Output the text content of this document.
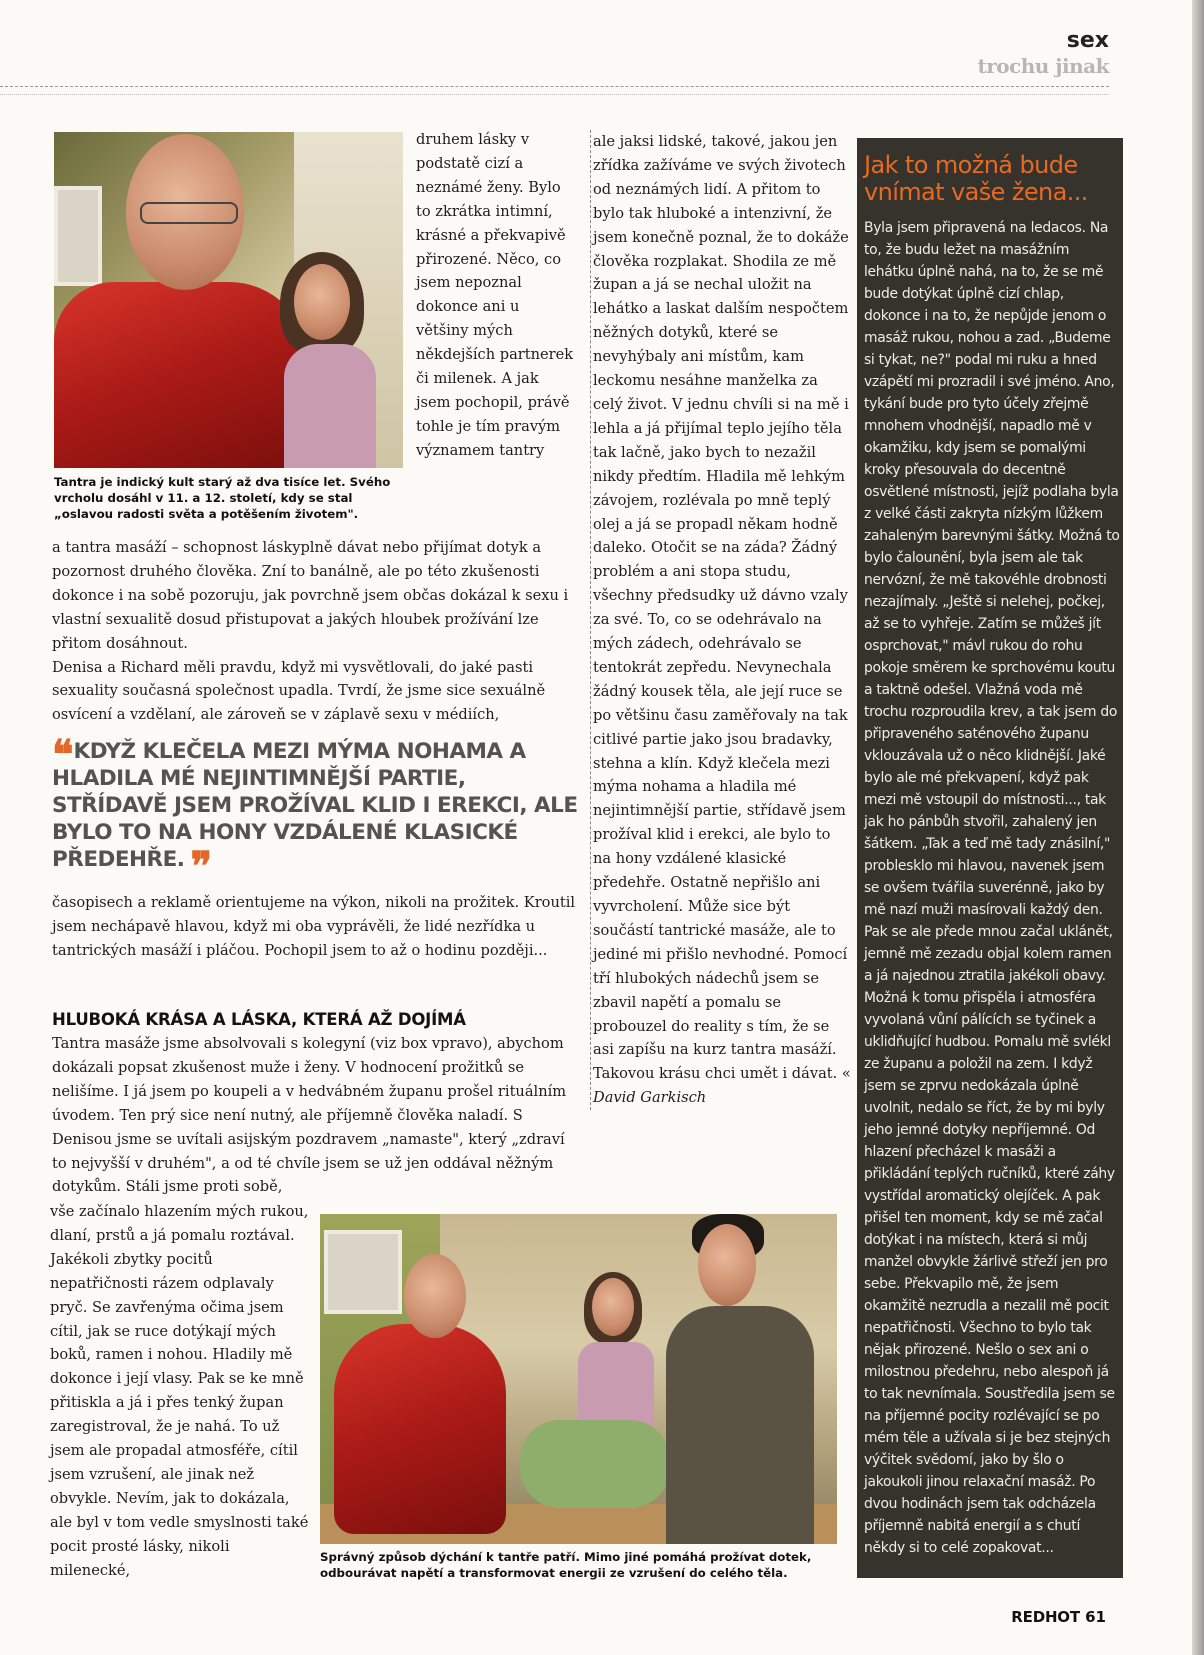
sex
trochu jinak
Tantra je indický kult starý až dva tisíce let. Svého vrcholu dosáhl v 11. a 12. století, kdy se stal „oslavou radosti světa a potěšením životem".

druhem lásky v podstatě cizí a neznámé ženy. Bylo to zkrátka intimní, krásné a překvapivě přirozené. Něco, co jsem nepoznal dokonce ani u většiny mých někdejších partnerek či milenek. A jak jsem pochopil, právě tohle je tím pravým významem tantry

a tantra masáží – schopnost láskyplně dávat nebo přijímat dotyk a pozornost druhého člověka. Zní to banálně, ale po této zkušenosti dokonce i na sobě pozoruju, jak povrchně jsem občas dokázal k sexu i vlastní sexualitě dosud přistupovat a jakých hloubek prožívání lze přitom dosáhnout.

Denisa a Richard měli pravdu, když mi vysvětlovali, do jaké pasti sexuality současná společnost upadla. Tvrdí, že jsme sice sexuálně osvícení a vzdělaní, ale zároveň se v záplavě sexu v médiích,

❝ KDYŽ KLEČELA MEZI MÝMA NOHAMA A HLADILA MÉ NEJINTIMNĚJŠÍ PARTIE, STŘÍDAVĚ JSEM PROŽÍVAL KLID I EREKCI, ALE BYLO TO NA HONY VZDÁLENÉ KLASICKÉ PŘEDEHŘE. ❞

časopisech a reklamě orientujeme na výkon, nikoli na prožitek. Kroutil jsem nechápavě hlavou, když mi oba vyprávěli, že lidé nezřídka u tantrických masáží i pláčou. Pochopil jsem to až o hodinu později...

HLUBOKÁ KRÁSA A LÁSKA, KTERÁ AŽ DOJÍMÁ

Tantra masáže jsme absolvovali s kolegyní (viz box vpravo), abychom dokázali popsat zkušenost muže i ženy. V hodnocení prožitků se nelišíme. I já jsem po koupeli a v hedvábném županu prošel rituálním úvodem. Ten prý sice není nutný, ale příjemně člověka naladí. S Denisou jsme se uvítali asijským pozdravem „namaste", který „zdraví to nejvyšší v druhém", a od té chvíle jsem se už jen oddával něžným dotykům. Stáli jsme proti sobě,

vše začínalo hlazením mých rukou, dlaní, prstů a já pomalu roztával. Jakékoli zbytky pocitů nepatřičnosti rázem odplavaly pryč. Se zavřenýma očima jsem cítil, jak se ruce dotýkají mých boků, ramen i nohou. Hladily mě dokonce i její vlasy. Pak se ke mně přitiskla a já i přes tenký župan zaregistroval, že je nahá. To už jsem ale propadal atmosféře, cítil jsem vzrušení, ale jinak než obvykle. Nevím, jak to dokázala, ale byl v tom vedle smyslnosti také pocit prosté lásky, nikoli milenecké,

ale jaksi lidské, takové, jakou jen zřídka zažíváme ve svých životech od neznámých lidí. A přitom to bylo tak hluboké a intenzivní, že jsem konečně poznal, že to dokáže člověka rozplakat. Shodila ze mě župan a já se nechal uložit na lehátko a laskat dalším nespočtem něžných dotyků, které se nevyhýbaly ani místům, kam leckomu nesáhne manželka za celý život. V jednu chvíli si na mě i lehla a já přijímal teplo jejího těla tak lačně, jako bych to nezažil nikdy předtím. Hladila mě lehkým závojem, rozlévala po mně teplý olej a já se propadl někam hodně daleko. Otočit se na záda? Žádný problém a ani stopa studu, všechny předsudky už dávno vzaly za své. To, co se odehrávalo na mých zádech, odehrávalo se tentokrát zepředu. Nevynechala žádný kousek těla, ale její ruce se po většinu času zaměřovaly na tak citlivé partie jako jsou bradavky, stehna a klín. Když klečela mezi mýma nohama a hladila mé nejintimnější partie, střídavě jsem prožíval klid i erekci, ale bylo to na hony vzdálené klasické předehře. Ostatně nepřišlo ani vyvrcholení. Může sice být součástí tantrické masáže, ale to jediné mi přišlo nevhodné. Pomocí tří hlubokých nádechů jsem se zbavil napětí a pomalu se probouzel do reality s tím, že se asi zapíšu na kurz tantra masáží. Takovou krásu chci umět i dávat. « David Garkisch

Správný způsob dýchání k tantře patří. Mimo jiné pomáhá prožívat dotek, odbourávat napětí a transformovat energii ze vzrušení do celého těla.
Jak to možná bude vnímat vaše žena...
Byla jsem připravená na ledacos. Na to, že budu ležet na masážním lehátku úplně nahá, na to, že se mě bude dotýkat úplně cizí chlap, dokonce i na to, že nepůjde jenom o masáž rukou, nohou a zad. „Budeme si tykat, ne?" podal mi ruku a hned vzápětí mi prozradil i své jméno. Ano, tykání bude pro tyto účely zřejmě mnohem vhodnější, napadlo mě v okamžiku, kdy jsem se pomalými kroky přesouvala do decentně osvětlené místnosti, jejíž podlaha byla z velké části zakryta nízkým lůžkem zahaleným barevnými šátky. Možná to bylo čalounění, byla jsem ale tak nervózní, že mě takovéhle drobnosti nezajímaly. „Ještě si nelehej, počkej, až se to vyhřeje. Zatím se můžeš jít osprchovat," mávl rukou do rohu pokoje směrem ke sprchovému koutu a taktně odešel. Vlažná voda mě trochu rozproudila krev, a tak jsem do připraveného saténového županu vklouzávala už o něco klidnější. Jaké bylo ale mé překvapení, když pak mezi mě vstoupil do místnosti..., tak jak ho pánbůh stvořil, zahalený jen šátkem. „Tak a teď mě tady znásilní," problesklo mi hlavou, navenek jsem se ovšem tvářila suverénně, jako by mě nazí muži masírovali každý den. Pak se ale přede mnou začal uklánět, jemně mě zezadu objal kolem ramen a já najednou ztratila jakékoli obavy. Možná k tomu přispěla i atmosféra vyvolaná vůní pálících se tyčinek a uklidňující hudbou. Pomalu mě svlékl ze županu a položil na zem. I když jsem se zprvu nedokázala úplně uvolnit, nedalo se říct, že by mi byly jeho jemné dotyky nepříjemné. Od hlazení přecházel k masáži a přikládání teplých ručníků, které záhy vystřídal aromatický olejíček. A pak přišel ten moment, kdy se mě začal dotýkat i na místech, která si můj manžel obvykle žárlivě střeží jen pro sebe. Překvapilo mě, že jsem okamžitě nezrudla a nezalil mě pocit nepatřičnosti. Všechno to bylo tak nějak přirozené. Nešlo o sex ani o milostnou předehru, nebo alespoň já to tak nevnímala. Soustředila jsem se na příjemné pocity rozlévající se po mém těle a užívala si je bez stejných výčitek svědomí, jako by šlo o jakoukoli jinou relaxační masáž. Po dvou hodinách jsem tak odcházela příjemně nabitá energií a s chutí někdy si to celé zopakovat...
REDHOT 61
